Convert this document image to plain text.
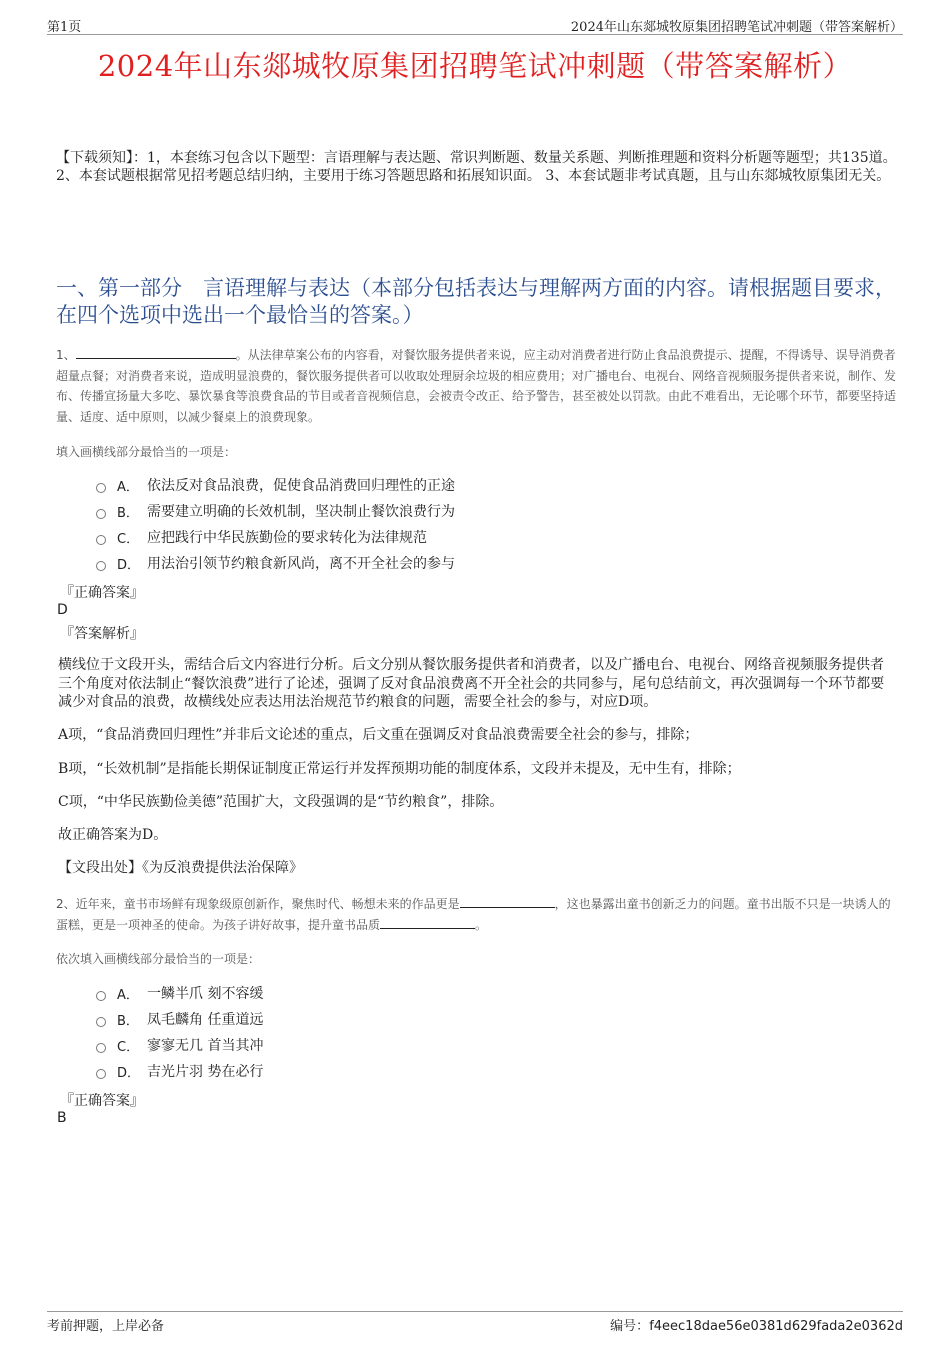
第1页	2024年山东郯城牧原集团招聘笔试冲刺题（带答案解析）
2024年山东郯城牧原集团招聘笔试冲刺题（带答案解析）
【下载须知】：1，本套练习包含以下题型：言语理解与表达题、常识判断题、数量关系题、判断推理题和资料分析题等题型；共135道。 2、本套试题根据常见招考题总结归纳，主要用于练习答题思路和拓展知识面。 3、本套试题非考试真题，且与山东郯城牧原集团无关。
一、第一部分　言语理解与表达（本部分包括表达与理解两方面的内容。请根据题目要求，在四个选项中选出一个最恰当的答案。）
1、	。从法律草案公布的内容看，对餐饮服务提供者来说，应主动对消费者进行防止食品浪费提示、提醒，不得诱导、误导消费者超量点餐；对消费者来说，造成明显浪费的，餐饮服务提供者可以收取处理厨余垃圾的相应费用；对广播电台、电视台、网络音视频服务提供者来说，制作、发布、传播宣扬量大多吃、暴饮暴食等浪费食品的节目或者音视频信息，会被责令改正、给予警告，甚至被处以罚款。由此不难看出，无论哪个环节，都要坚持适量、适度、适中原则，以减少餐桌上的浪费现象。
填入画横线部分最恰当的一项是：
A． 依法反对食品浪费，促使食品消费回归理性的正途
B． 需要建立明确的长效机制，坚决制止餐饮浪费行为
C． 应把践行中华民族勤俭的要求转化为法律规范
D． 用法治引领节约粮食新风尚，离不开全社会的参与
『正确答案』
D
『答案解析』
横线位于文段开头，需结合后文内容进行分析。后文分别从餐饮服务提供者和消费者，以及广播电台、电视台、网络音视频服务提供者三个角度对依法制止“餐饮浪费”进行了论述，强调了反对食品浪费离不开全社会的共同参与，尾句总结前文，再次强调每一个环节都要减少对食品的浪费，故横线处应表达用法治规范节约粮食的问题，需要全社会的参与，对应D项。
A项，“食品消费回归理性”并非后文论述的重点，后文重在强调反对食品浪费需要全社会的参与，排除；
B项，“长效机制”是指能长期保证制度正常运行并发挥预期功能的制度体系，文段并未提及，无中生有，排除；
C项，“中华民族勤俭美德”范围扩大，文段强调的是“节约粮食”，排除。
故正确答案为D。
【文段出处】《为反浪费提供法治保障》
2、近年来，童书市场鲜有现象级原创新作，聚焦时代、畅想未来的作品更是	，这也暴露出童书创新乏力的问题。童书出版不只是一块诱人的蛋糕，更是一项神圣的使命。为孩子讲好故事，提升童书品质	。
依次填入画横线部分最恰当的一项是：
A． 一鳞半爪 刻不容缓
B． 凤毛麟角 任重道远
C． 寥寥无几 首当其冲
D． 吉光片羽 势在必行
『正确答案』
B
考前押题，上岸必备	编号：f4eec18dae56e0381d629fada2e0362d
